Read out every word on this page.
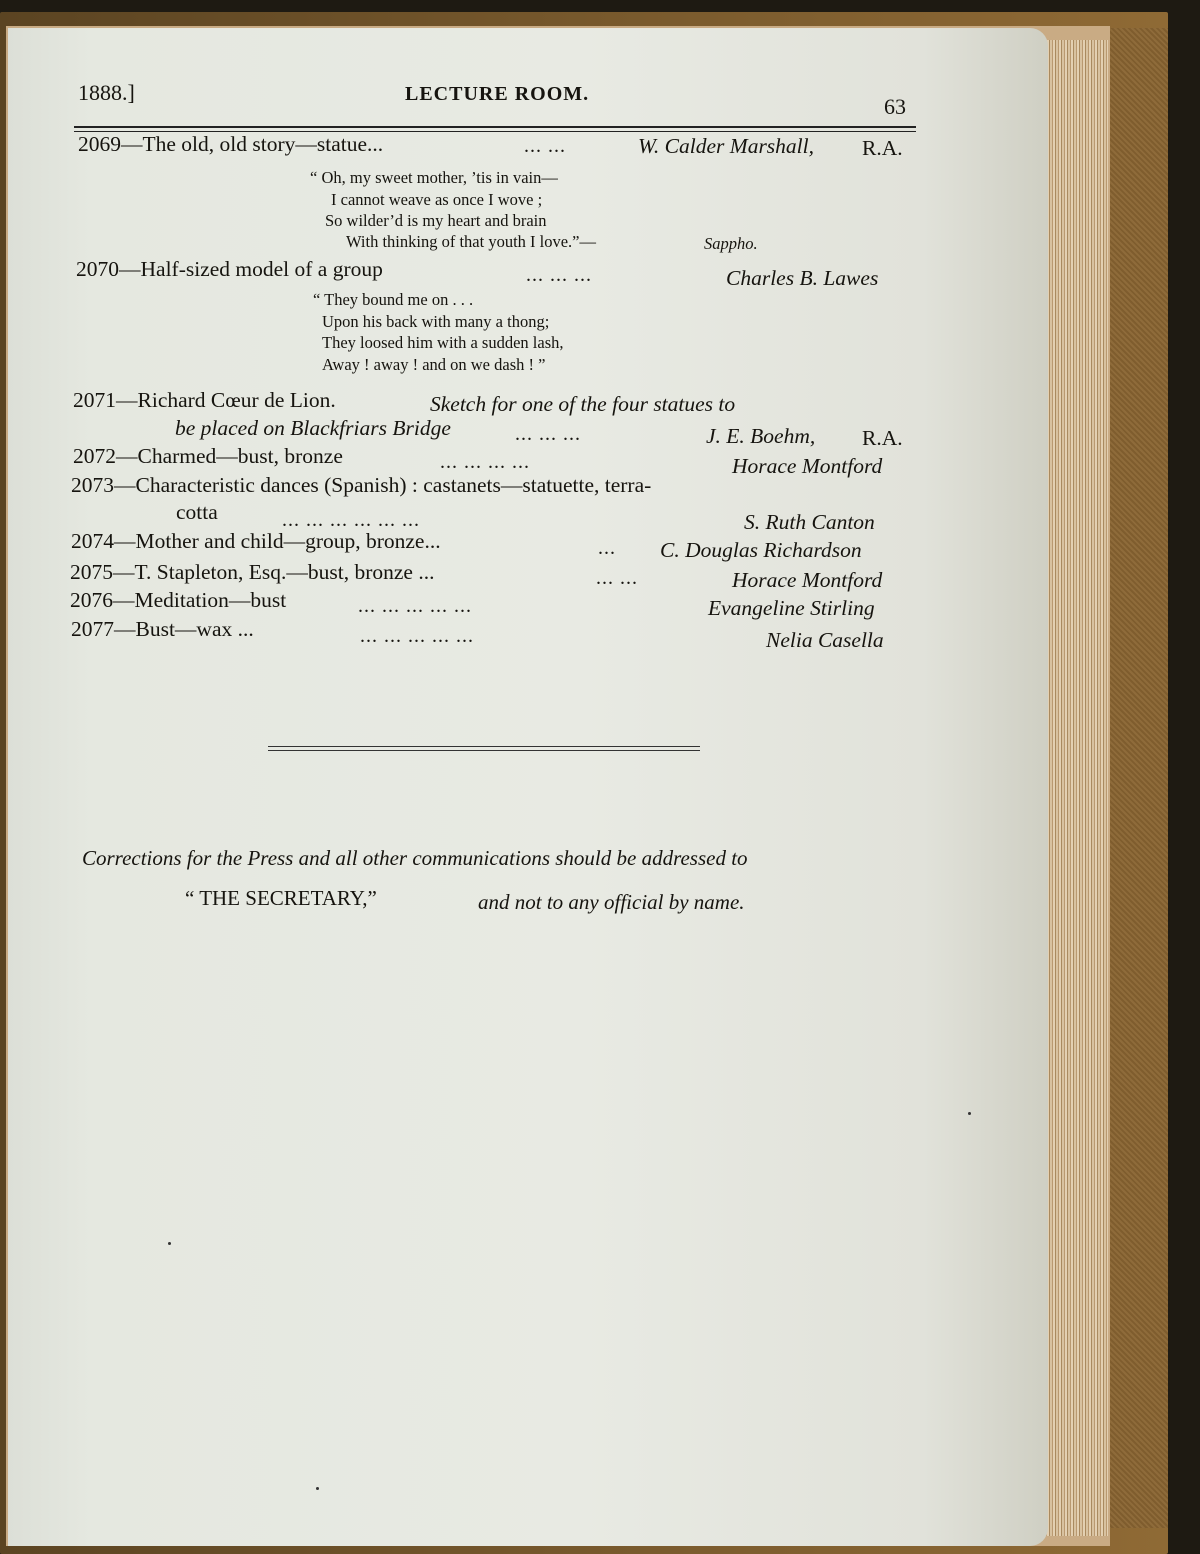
1888.]	LECTURE ROOM.	63
2069—The old, old story—statue...	... ...	W. Calder Marshall, R.A.
“ Oh, my sweet mother, ’tis in vain—
I cannot weave as once I wove ;
So wilder’d is my heart and brain
With thinking of that youth I love.”—	Sappho.
2070—Half-sized model of a group	... ... ...	Charles B. Lawes
“ They bound me on . . .
Upon his back with many a thong;
They loosed him with a sudden lash,
Away ! away ! and on we dash ! ”
2071—Richard Cœur de Lion.	Sketch for one of the four statues to
be placed on Blackfriars Bridge	... ... ...	J. E. Boehm, R.A.
2072—Charmed—bust, bronze	... ... ... ...	Horace Montford
2073—Characteristic dances (Spanish) : castanets—statuette, terra-
cotta	... ... ... ... ... ...	S. Ruth Canton
2074—Mother and child—group, bronze...	... C. Douglas Richardson
2075—T. Stapleton, Esq.—bust, bronze ...	... ...	Horace Montford
2076—Meditation—bust	... ... ... ... ...	Evangeline Stirling
2077—Bust—wax ...	... ... ... ... ...	Nelia Casella
Corrections for the Press and all other communications should be addressed to
“ THE SECRETARY,”	and not to any official by name.
